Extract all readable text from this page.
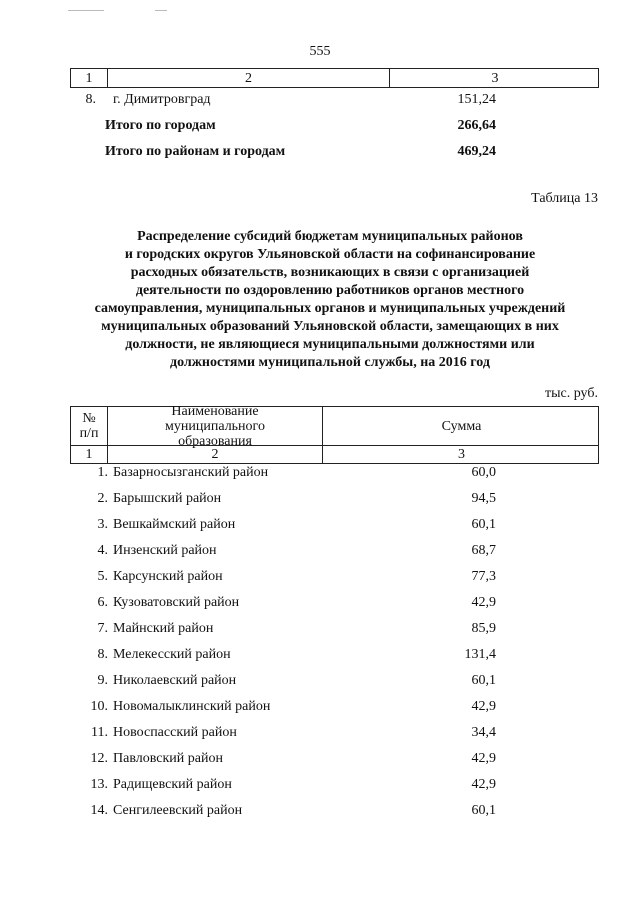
555
1	2	3
8. г. Димитровград	151,24
Итого по городам	266,64
Итого по районам и городам	469,24
Таблица 13
Распределение субсидий бюджетам муниципальных районов
и городских округов Ульяновской области на софинансирование
расходных обязательств, возникающих в связи с организацией
деятельности по оздоровлению работников органов местного
самоуправления, муниципальных органов и муниципальных учреждений
муниципальных образований Ульяновской области, замещающих в них
должности, не являющиеся муниципальными должностями или
должностями муниципальной службы, на 2016 год
тыс. руб.
№ п/п
Наименование муниципального образования
Сумма
1	2	3
1. Базарносызганский район	60,0
2. Барышский район	94,5
3. Вешкаймский район	60,1
4. Инзенский район	68,7
5. Карсунский район	77,3
6. Кузоватовский район	42,9
7. Майнский район	85,9
8. Мелекесский район	131,4
9. Николаевский район	60,1
10. Новомалыклинский район	42,9
11. Новоспасский район	34,4
12. Павловский район	42,9
13. Радищевский район	42,9
14. Сенгилеевский район	60,1
